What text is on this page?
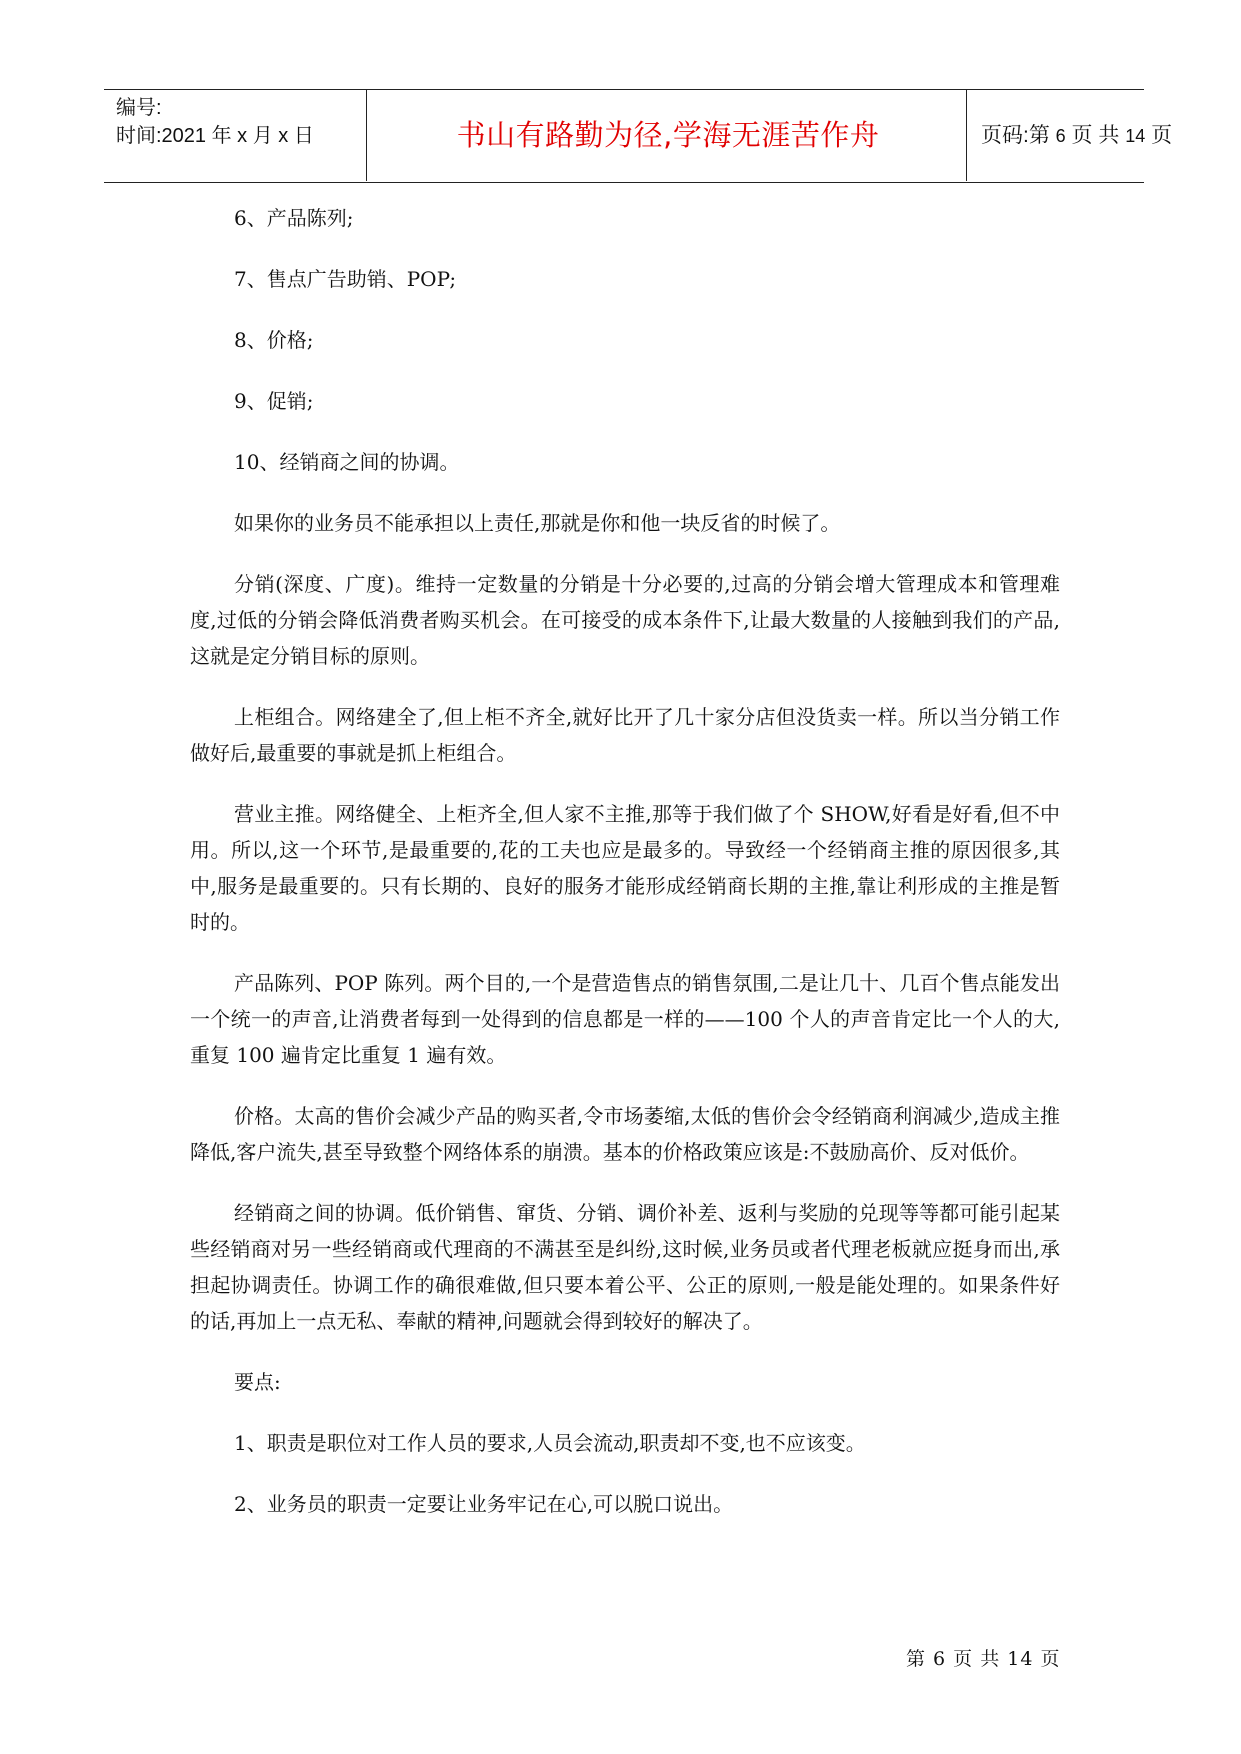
编号:
时间:2021 年 x 月 x 日	书山有路勤为径,学海无涯苦作舟	页码:第 6 页 共 14 页

6、产品陈列;

7、售点广告助销、POP;

8、价格;

9、促销;

10、经销商之间的协调。

如果你的业务员不能承担以上责任,那就是你和他一块反省的时候了。

分销(深度、广度)。维持一定数量的分销是十分必要的,过高的分销会增大管理成本和管理难度,过低的分销会降低消费者购买机会。在可接受的成本条件下,让最大数量的人接触到我们的产品,这就是定分销目标的原则。

上柜组合。网络建全了,但上柜不齐全,就好比开了几十家分店但没货卖一样。所以当分销工作做好后,最重要的事就是抓上柜组合。

营业主推。网络健全、上柜齐全,但人家不主推,那等于我们做了个 SHOW,好看是好看,但不中用。所以,这一个环节,是最重要的,花的工夫也应是最多的。导致经一个经销商主推的原因很多,其中,服务是最重要的。只有长期的、良好的服务才能形成经销商长期的主推,靠让利形成的主推是暂时的。

产品陈列、POP 陈列。两个目的,一个是营造售点的销售氛围,二是让几十、几百个售点能发出一个统一的声音,让消费者每到一处得到的信息都是一样的——100 个人的声音肯定比一个人的大,重复 100 遍肯定比重复 1 遍有效。

价格。太高的售价会减少产品的购买者,令市场萎缩,太低的售价会令经销商利润减少,造成主推降低,客户流失,甚至导致整个网络体系的崩溃。基本的价格政策应该是:不鼓励高价、反对低价。

经销商之间的协调。低价销售、窜货、分销、调价补差、返利与奖励的兑现等等都可能引起某些经销商对另一些经销商或代理商的不满甚至是纠纷,这时候,业务员或者代理老板就应挺身而出,承担起协调责任。协调工作的确很难做,但只要本着公平、公正的原则,一般是能处理的。如果条件好的话,再加上一点无私、奉献的精神,问题就会得到较好的解决了。

要点:

1、职责是职位对工作人员的要求,人员会流动,职责却不变,也不应该变。

2、业务员的职责一定要让业务牢记在心,可以脱口说出。

第 6 页 共 14 页
